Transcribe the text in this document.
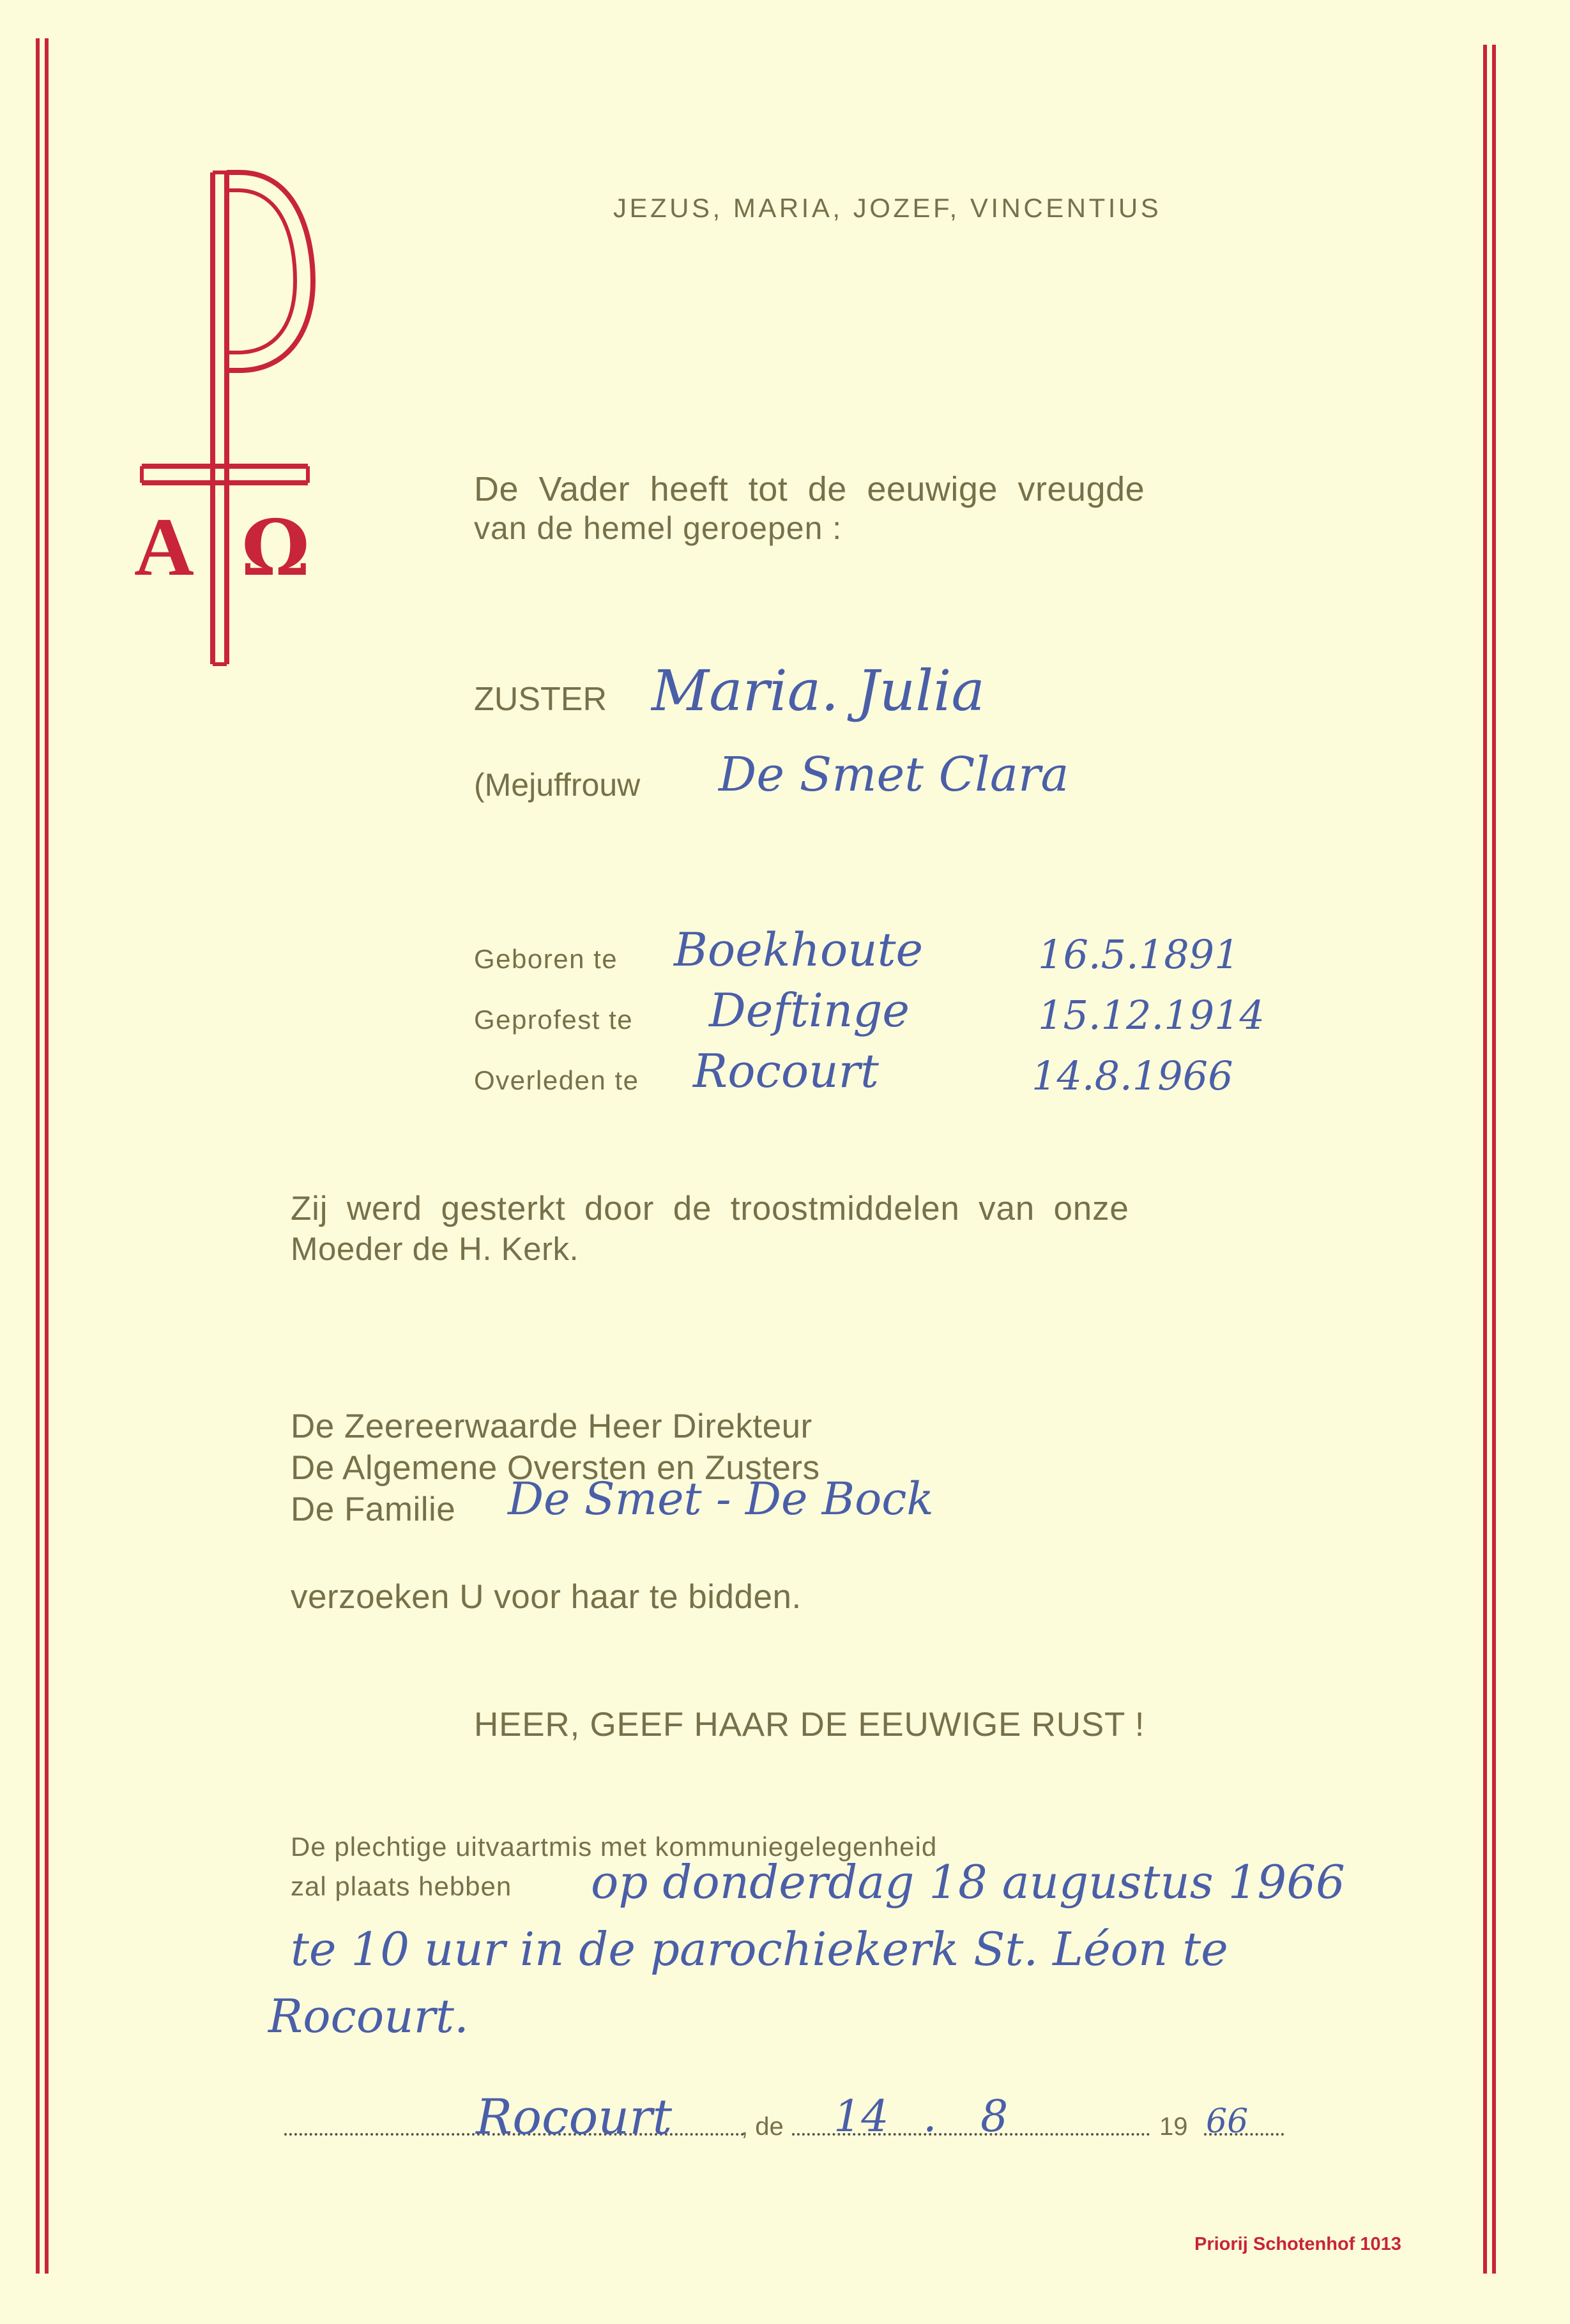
A Ω
JEZUS, MARIA, JOZEF, VINCENTIUS
De Vader heeft tot de eeuwige vreugde
van de hemel geroepen :
ZUSTER Maria. Julia
(Mejuffrouw De Smet Clara
Geboren te Boekhoute	16.5.1891
Geprofest te Deftinge	15.12.1914
Overleden te Rocourt	14.8.1966
Zij werd gesterkt door de troostmiddelen van onze
Moeder de H. Kerk.
De Zeereerwaarde Heer Direkteur
De Algemene Oversten en Zusters
De Familie De Smet - De Bock
verzoeken U voor haar te bidden.
HEER, GEEF HAAR DE EEUWIGE RUST !
De plechtige uitvaartmis met kommuniegelegenheid
zal plaats hebben op donderdag 18 augustus 1966
te 10 uur in de parochiekerk St. Léon te
Rocourt.
Rocourt	, de 14 . 8	19 66
Priorij Schotenhof 1013
